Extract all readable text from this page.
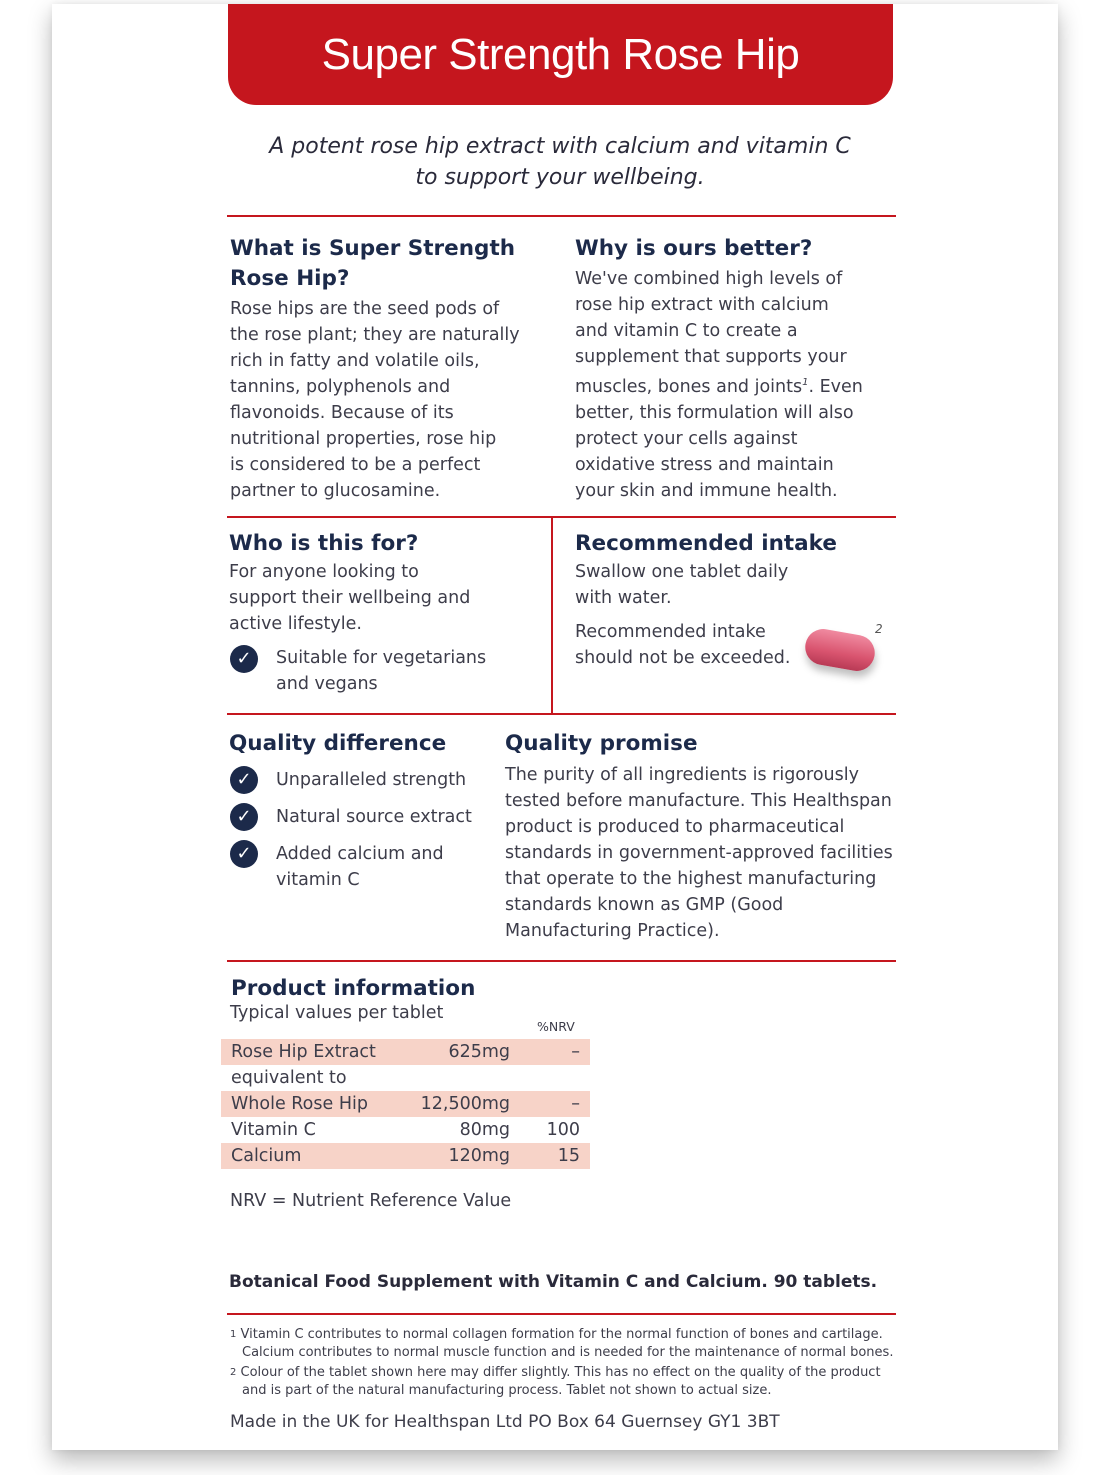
Super Strength Rose Hip
A potent rose hip extract with calcium and vitamin C
to support your wellbeing.
What is Super Strength
Rose Hip?
Rose hips are the seed pods of
the rose plant; they are naturally
rich in fatty and volatile oils,
tannins, polyphenols and
flavonoids. Because of its
nutritional properties, rose hip
is considered to be a perfect
partner to glucosamine.
Why is ours better?
We've combined high levels of
rose hip extract with calcium
and vitamin C to create a
supplement that supports your
muscles, bones and joints$^1$. Even
better, this formulation will also
protect your cells against
oxidative stress and maintain
your skin and immune health.
Who is this for?
For anyone looking to
support their wellbeing and
active lifestyle.
✓	Suitable for vegetarians
and vegans
Recommended intake
Swallow one tablet daily
with water.
Recommended intake
should not be exceeded.
2
Quality difference
✓	Unparalleled strength
✓	Natural source extract
✓	Added calcium and
vitamin C
Quality promise
The purity of all ingredients is rigorously
tested before manufacture. This Healthspan
product is produced to pharmaceutical
standards in government-approved facilities
that operate to the highest manufacturing
standards known as GMP (Good
Manufacturing Practice).
Product information
Typical values per tablet
%NRV
Rose Hip Extract	625mg	–
equivalent to
Whole Rose Hip	12,500mg	–
Vitamin C	80mg 100
Calcium	120mg	15
NRV = Nutrient Reference Value
Botanical Food Supplement with Vitamin C and Calcium. 90 tablets.
$^1$ Vitamin C contributes to normal collagen formation for the normal function of bones and cartilage.
Calcium contributes to normal muscle function and is needed for the maintenance of normal bones.
$^2$ Colour of the tablet shown here may differ slightly. This has no effect on the quality of the product
and is part of the natural manufacturing process. Tablet not shown to actual size.
Made in the UK for Healthspan Ltd PO Box 64 Guernsey GY1 3BT
